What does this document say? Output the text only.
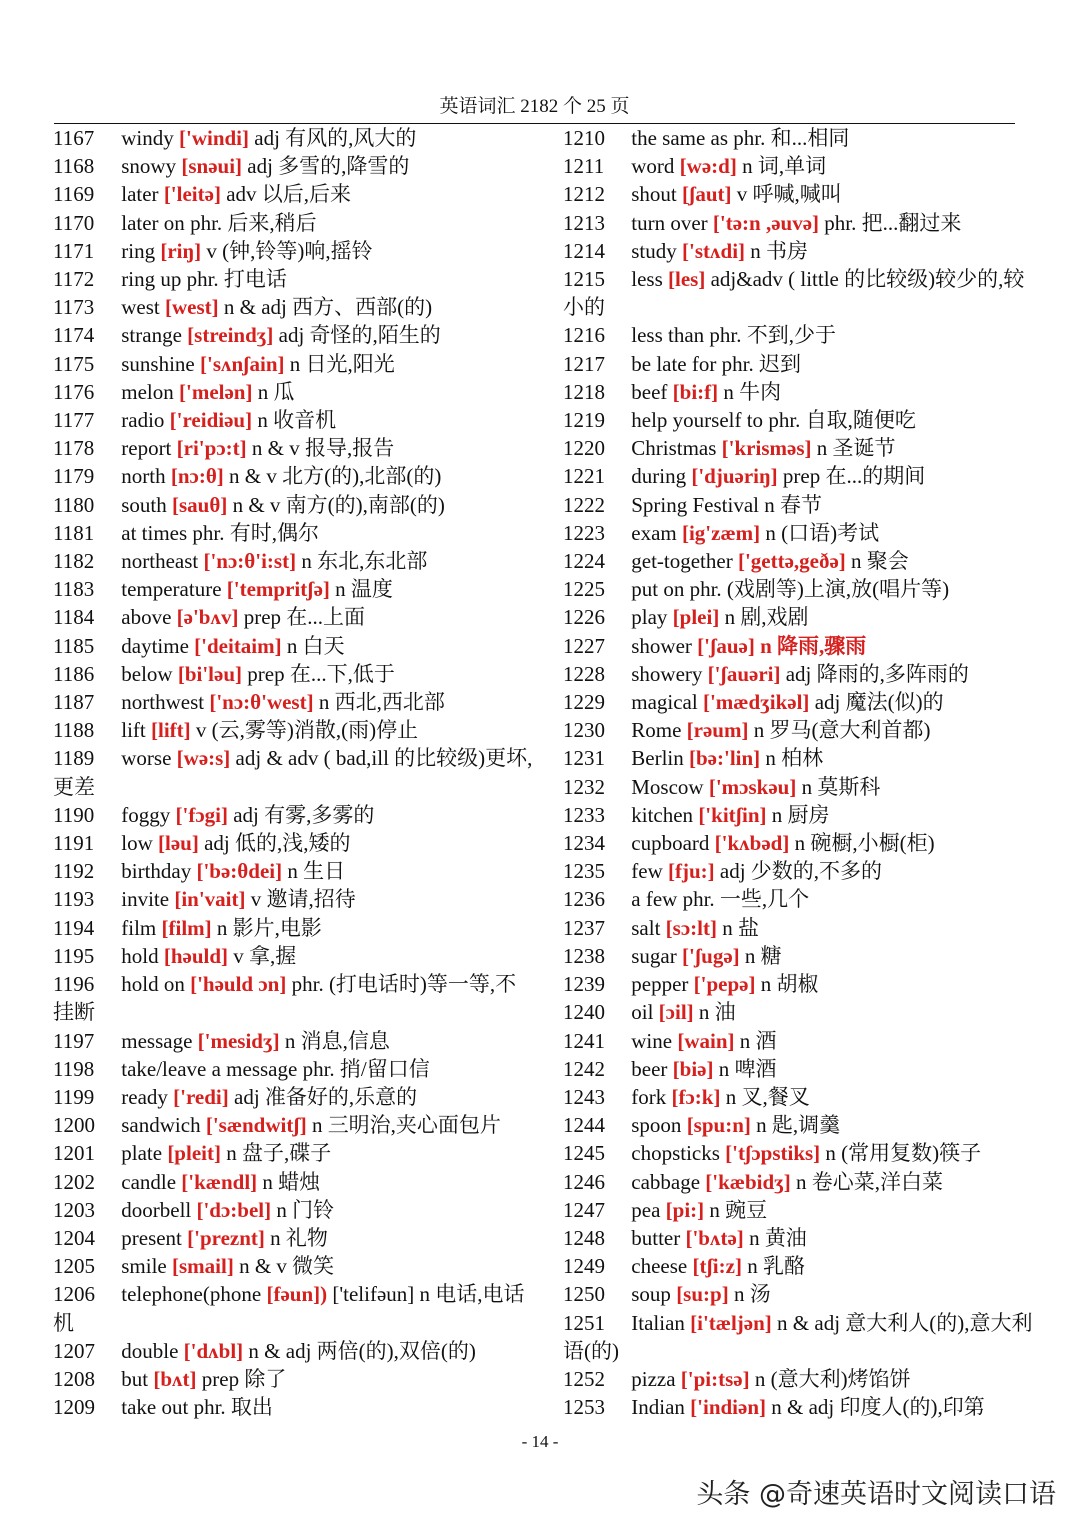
英语词汇 2182 个 25 页
1167 windy ['windi] adj 有风的,风大的
1168 snowy [snəui] adj 多雪的,降雪的
1169 later ['leitə] adv 以后,后来
1170 later on phr. 后来,稍后
1171 ring [riŋ] v (钟,铃等)响,摇铃
1172 ring up phr. 打电话
1173 west [west] n & adj 西方、西部(的)
1174 strange [streindʒ] adj 奇怪的,陌生的
1175 sunshine ['sʌnʃain] n 日光,阳光
1176 melon ['melən] n 瓜
1177 radio ['reidiəu] n 收音机
1178 report [ri'pɔ:t] n & v 报导,报告
1179 north [nɔ:θ] n & v 北方(的),北部(的)
1180 south [sauθ] n & v 南方(的),南部(的)
1181 at times phr. 有时,偶尔
1182 northeast ['nɔ:θ'i:st] n 东北,东北部
1183 temperature ['tempritʃə] n 温度
1184 above [ə'bʌv] prep 在...上面
1185 daytime ['deitaim] n 白天
1186 below [bi'ləu] prep 在...下,低于
1187 northwest ['nɔ:θ'west] n 西北,西北部
1188 lift [lift] v (云,雾等)消散,(雨)停止
1189 worse [wə:s] adj & adv ( bad,ill 的比较级)更坏,更差
1190 foggy ['fɔgi] adj 有雾,多雾的
1191 low [ləu] adj 低的,浅,矮的
1192 birthday ['bə:θdei] n 生日
1193 invite [in'vait] v 邀请,招待
1194 film [film] n 影片,电影
1195 hold [həuld] v 拿,握
1196 hold on ['həuld ɔn] phr. (打电话时)等一等,不挂断
1197 message ['mesidʒ] n 消息,信息
1198 take/leave a message phr. 捎/留口信
1199 ready ['redi] adj 准备好的,乐意的
1200 sandwich ['sændwitʃ] n 三明治,夹心面包片
1201 plate [pleit] n 盘子,碟子
1202 candle ['kændl] n 蜡烛
1203 doorbell ['dɔ:bel] n 门铃
1204 present ['preznt] n 礼物
1205 smile [smail] n & v 微笑
1206 telephone(phone [fəun]) ['telifəun] n 电话,电话机
1207 double ['dʌbl] n & adj 两倍(的),双倍(的)
1208 but [bʌt] prep 除了
1209 take out phr. 取出
1210 the same as phr. 和...相同
1211 word [wə:d] n 词,单词
1212 shout [ʃaut] v 呼喊,喊叫
1213 turn over ['tə:n ,əuvə] phr. 把...翻过来
1214 study ['stʌdi] n 书房
1215 less [les] adj&adv ( little 的比较级)较少的,较小的
1216 less than phr. 不到,少于
1217 be late for phr. 迟到
1218 beef [bi:f] n 牛肉
1219 help yourself to phr. 自取,随便吃
1220 Christmas ['krisməs] n 圣诞节
1221 during ['djuəriŋ] prep 在...的期间
1222 Spring Festival n 春节
1223 exam [ig'zæm] n (口语)考试
1224 get-together ['gettə,geðə] n 聚会
1225 put on phr. (戏剧等)上演,放(唱片等)
1226 play [plei] n 剧,戏剧
1227 shower ['ʃauə] n 降雨,骤雨
1228 showery ['ʃauəri] adj 降雨的,多阵雨的
1229 magical ['mædʒikəl] adj 魔法(似)的
1230 Rome [rəum] n 罗马(意大利首都)
1231 Berlin [bə:'lin] n 柏林
1232 Moscow ['mɔskəu] n 莫斯科
1233 kitchen ['kitʃin] n 厨房
1234 cupboard ['kʌbəd] n 碗橱,小橱(柜)
1235 few [fju:] adj 少数的,不多的
1236 a few phr. 一些,几个
1237 salt [sɔ:lt] n 盐
1238 sugar ['ʃugə] n 糖
1239 pepper ['pepə] n 胡椒
1240 oil [ɔil] n 油
1241 wine [wain] n 酒
1242 beer [biə] n 啤酒
1243 fork [fɔ:k] n 叉,餐叉
1244 spoon [spu:n] n 匙,调羹
1245 chopsticks ['tʃɔpstiks] n (常用复数)筷子
1246 cabbage ['kæbidʒ] n 卷心菜,洋白菜
1247 pea [pi:] n 豌豆
1248 butter ['bʌtə] n 黄油
1249 cheese [tʃi:z] n 乳酪
1250 soup [su:p] n 汤
1251 Italian [i'tæljən] n & adj 意大利人(的),意大利语(的)
1252 pizza ['pi:tsə] n (意大利)烤馅饼
1253 Indian ['indiən] n & adj 印度人(的),印第
- 14 -
头条 @奇速英语时文阅读口语
